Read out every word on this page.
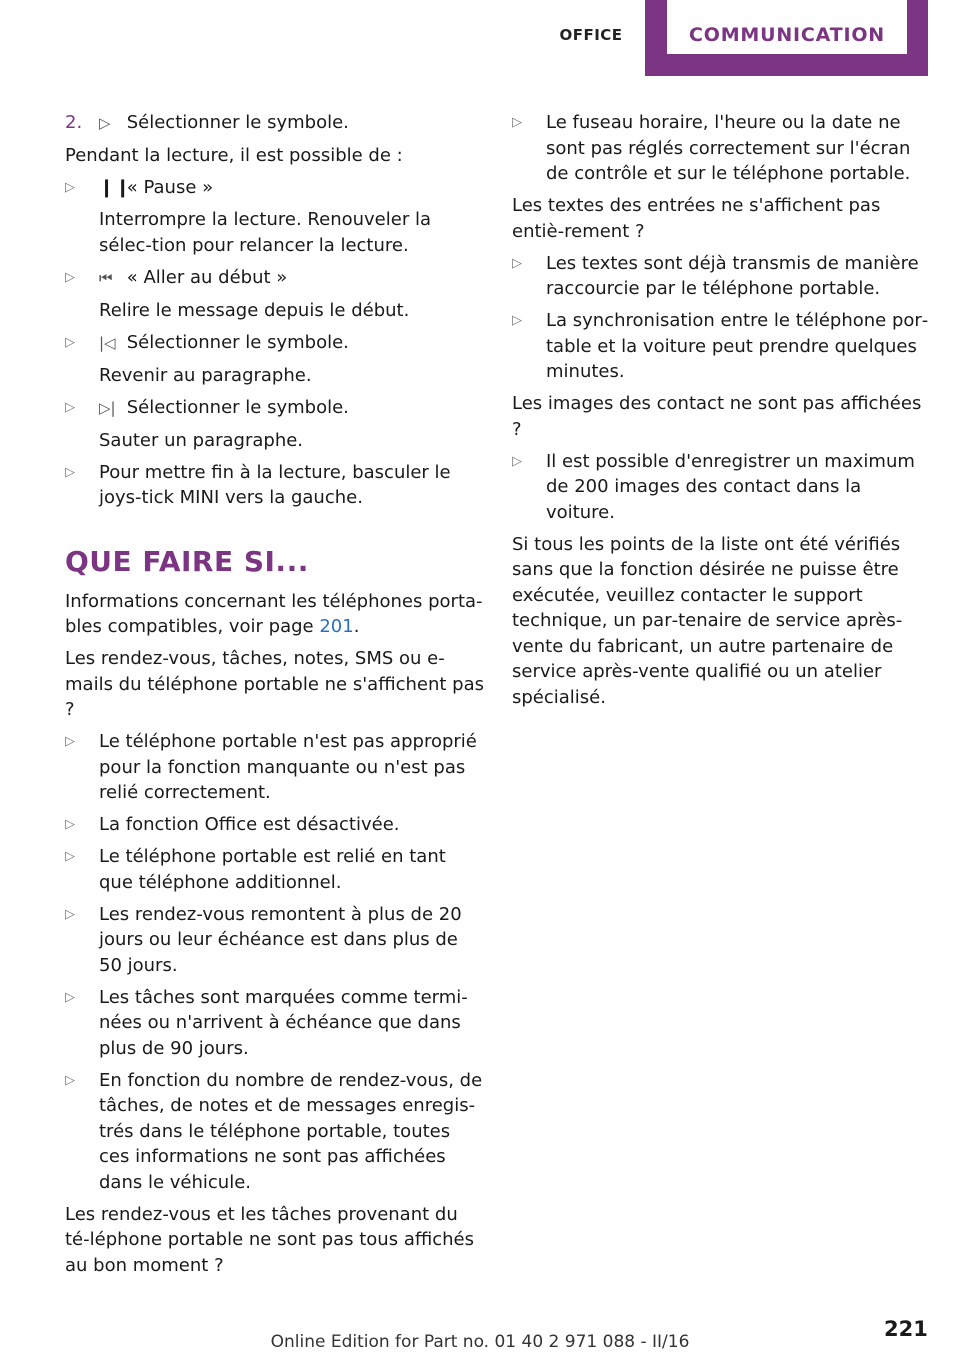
OFFICE	COMMUNICATION
2. ▷ Sélectionner le symbole.

Pendant la lecture, il est possible de :

▷ ❙❙ « Pause »
Interrompre la lecture. Renouveler la sélec‐tion pour relancer la lecture.
▷ ⏮ « Aller au début »
Relire le message depuis le début.
▷ |◁ Sélectionner le symbole.
Revenir au paragraphe.
▷ ▷| Sélectionner le symbole.
Sauter un paragraphe.
▷ Pour mettre fin à la lecture, basculer le joys‐tick MINI vers la gauche.
QUE FAIRE SI...

Informations concernant les téléphones porta‐bles compatibles, voir page 201.

Les rendez-vous, tâches, notes, SMS ou e-mails du téléphone portable ne s'affichent pas ?

▷ Le téléphone portable n'est pas approprié pour la fonction manquante ou n'est pas relié correctement.
▷ La fonction Office est désactivée.
▷ Le téléphone portable est relié en tant que téléphone additionnel.
▷ Les rendez-vous remontent à plus de 20 jours ou leur échéance est dans plus de 50 jours.
▷ Les tâches sont marquées comme termi‐nées ou n'arrivent à échéance que dans plus de 90 jours.
▷ En fonction du nombre de rendez-vous, de tâches, de notes et de messages enregis‐trés dans le téléphone portable, toutes ces informations ne sont pas affichées dans le véhicule.

Les rendez-vous et les tâches provenant du té‐léphone portable ne sont pas tous affichés au bon moment ?

▷ Le fuseau horaire, l'heure ou la date ne sont pas réglés correctement sur l'écran de contrôle et sur le téléphone portable.

Les textes des entrées ne s'affichent pas entiè‐rement ?

▷ Les textes sont déjà transmis de manière raccourcie par le téléphone portable.
▷ La synchronisation entre le téléphone por‐table et la voiture peut prendre quelques minutes.

Les images des contact ne sont pas affichées ?

▷ Il est possible d'enregistrer un maximum de 200 images des contact dans la voiture.

Si tous les points de la liste ont été vérifiés sans que la fonction désirée ne puisse être exécutée, veuillez contacter le support technique, un par‐tenaire de service après-vente du fabricant, un autre partenaire de service après-vente qualifié ou un atelier spécialisé.

221
Online Edition for Part no. 01 40 2 971 088 - II/16
